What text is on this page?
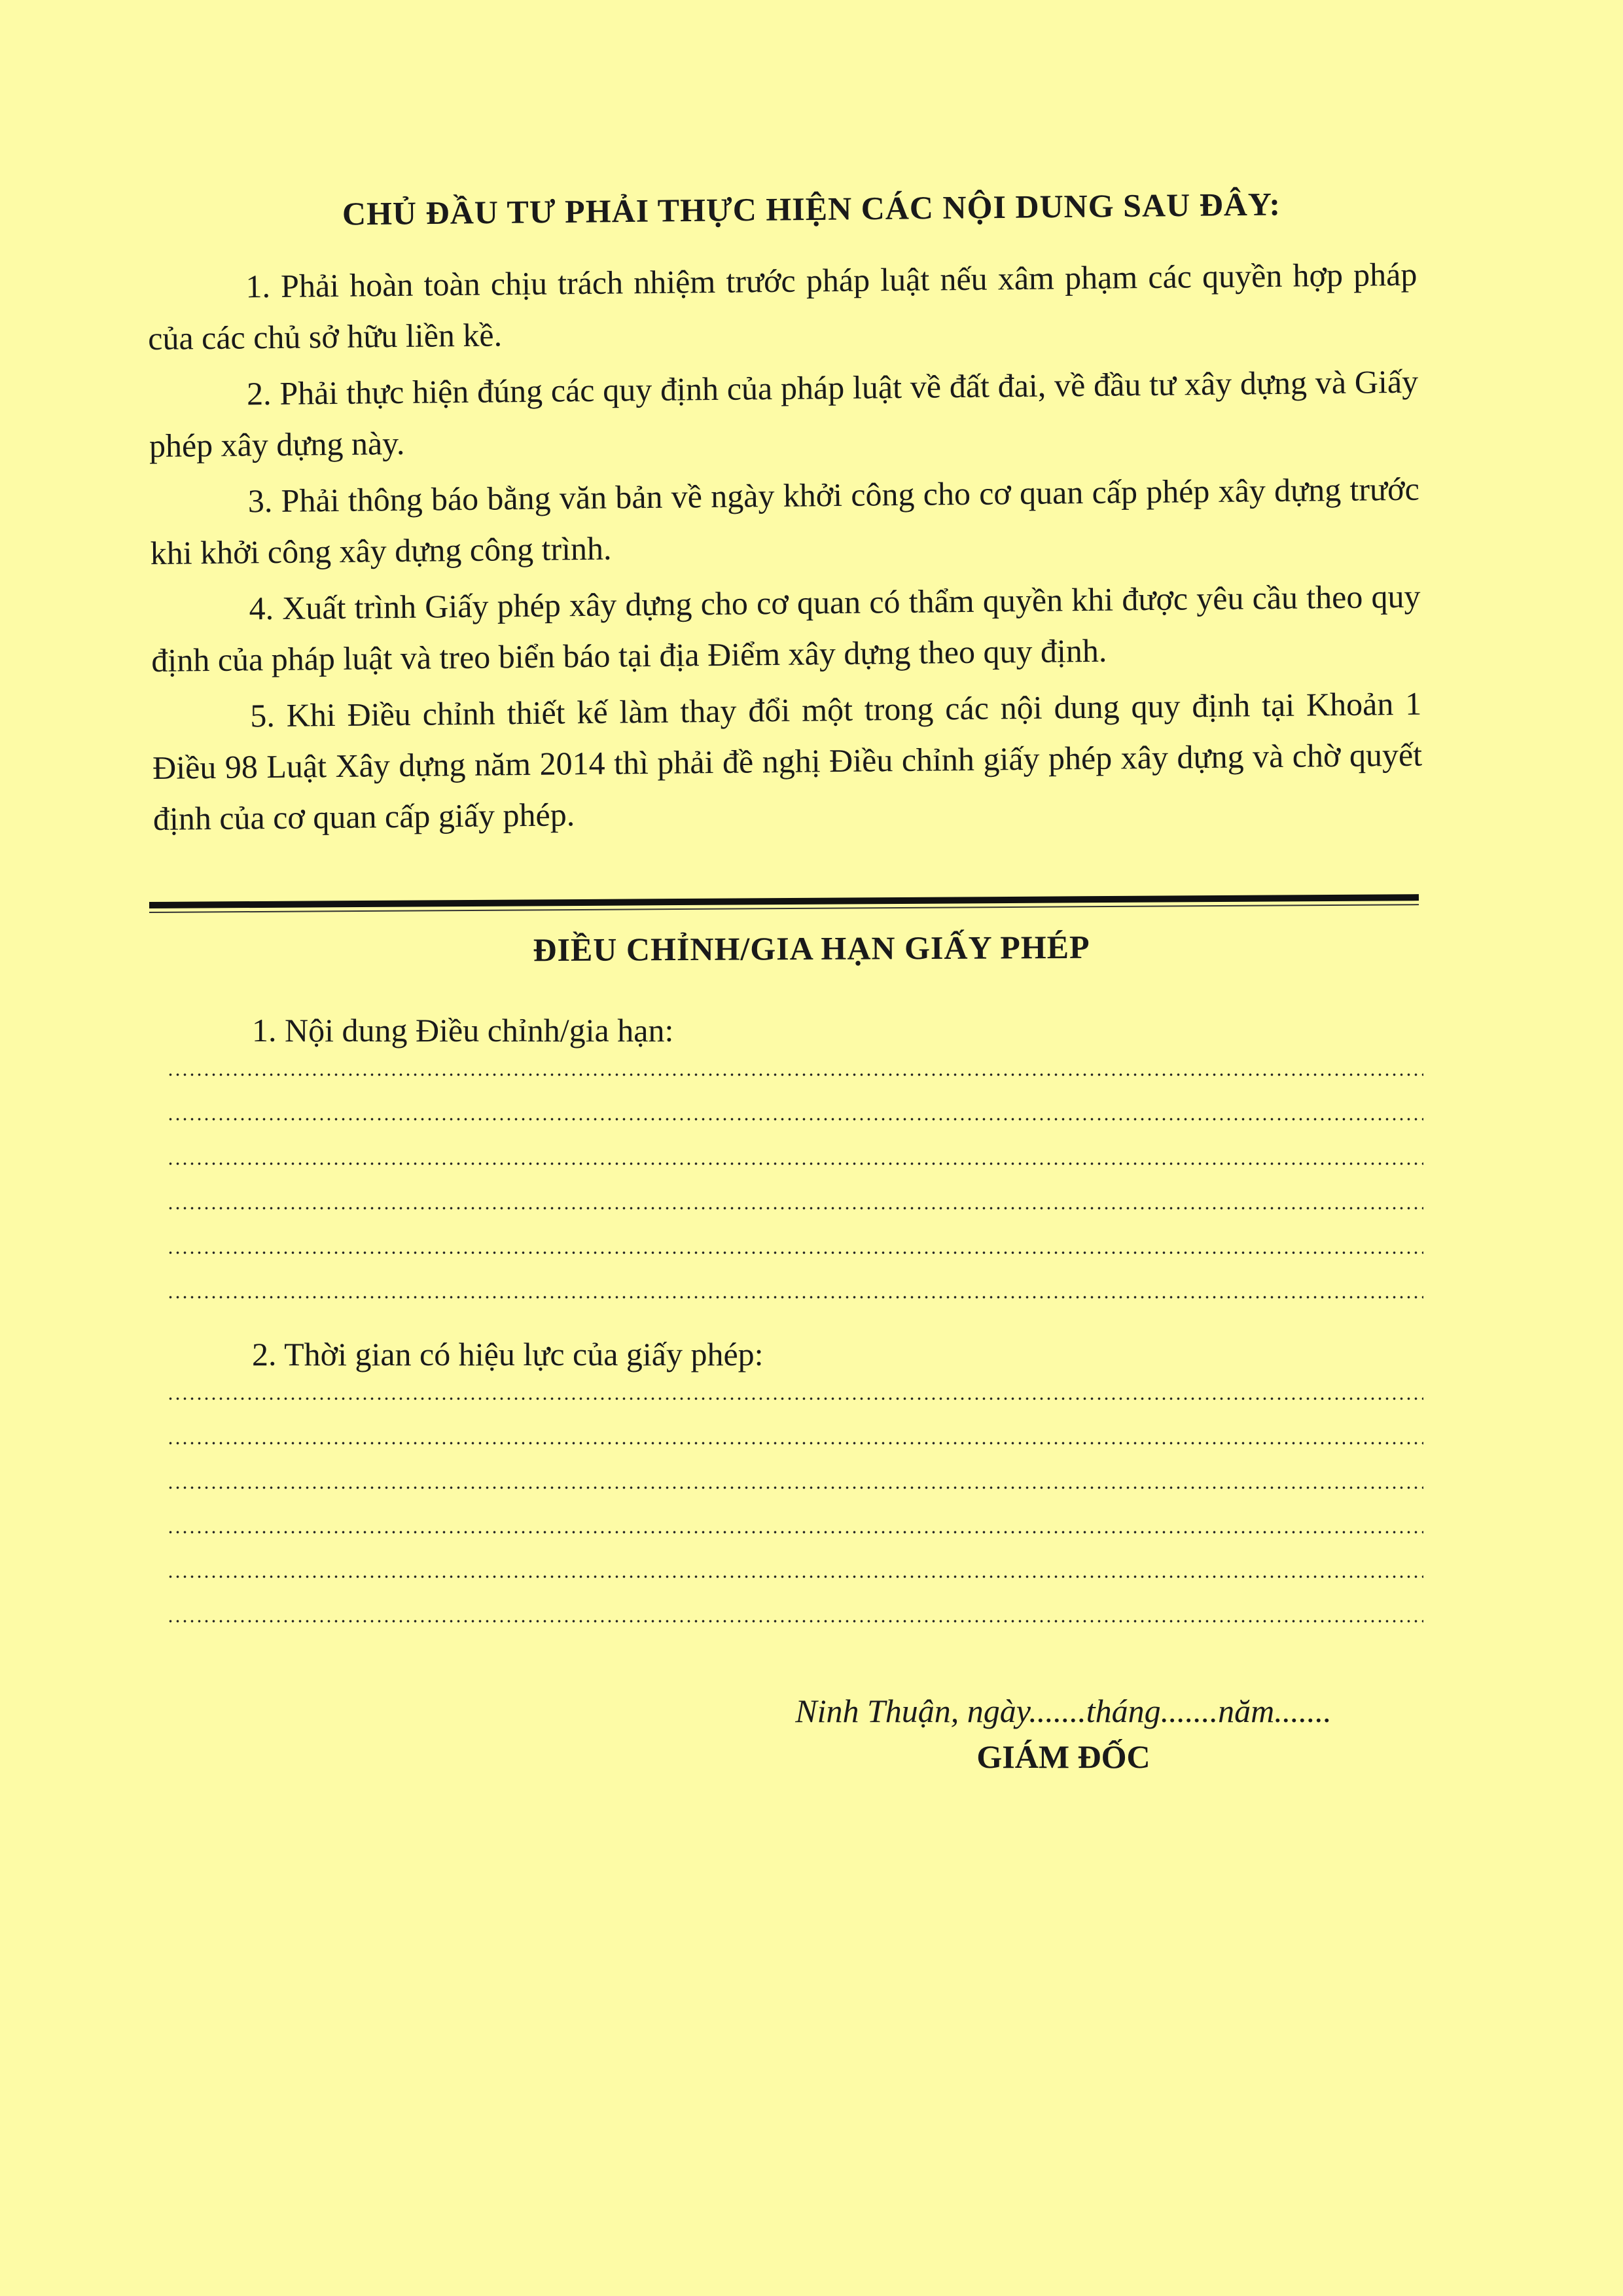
CHỦ ĐẦU TƯ PHẢI THỰC HIỆN CÁC NỘI DUNG SAU ĐÂY:

1. Phải hoàn toàn chịu trách nhiệm trước pháp luật nếu xâm phạm các quyền hợp pháp của các chủ sở hữu liền kề.

2. Phải thực hiện đúng các quy định của pháp luật về đất đai, về đầu tư xây dựng và Giấy phép xây dựng này.

3. Phải thông báo bằng văn bản về ngày khởi công cho cơ quan cấp phép xây dựng trước khi khởi công xây dựng công trình.

4. Xuất trình Giấy phép xây dựng cho cơ quan có thẩm quyền khi được yêu cầu theo quy định của pháp luật và treo biển báo tại địa Điểm xây dựng theo quy định.

5. Khi Điều chỉnh thiết kế làm thay đổi một trong các nội dung quy định tại Khoản 1 Điều 98 Luật Xây dựng năm 2014 thì phải đề nghị Điều chỉnh giấy phép xây dựng và chờ quyết định của cơ quan cấp giấy phép.

ĐIỀU CHỈNH/GIA HẠN GIẤY PHÉP
1. Nội dung Điều chỉnh/gia hạn:
2. Thời gian có hiệu lực của giấy phép:
Ninh Thuận, ngày.......tháng.......năm.......
GIÁM ĐỐC
